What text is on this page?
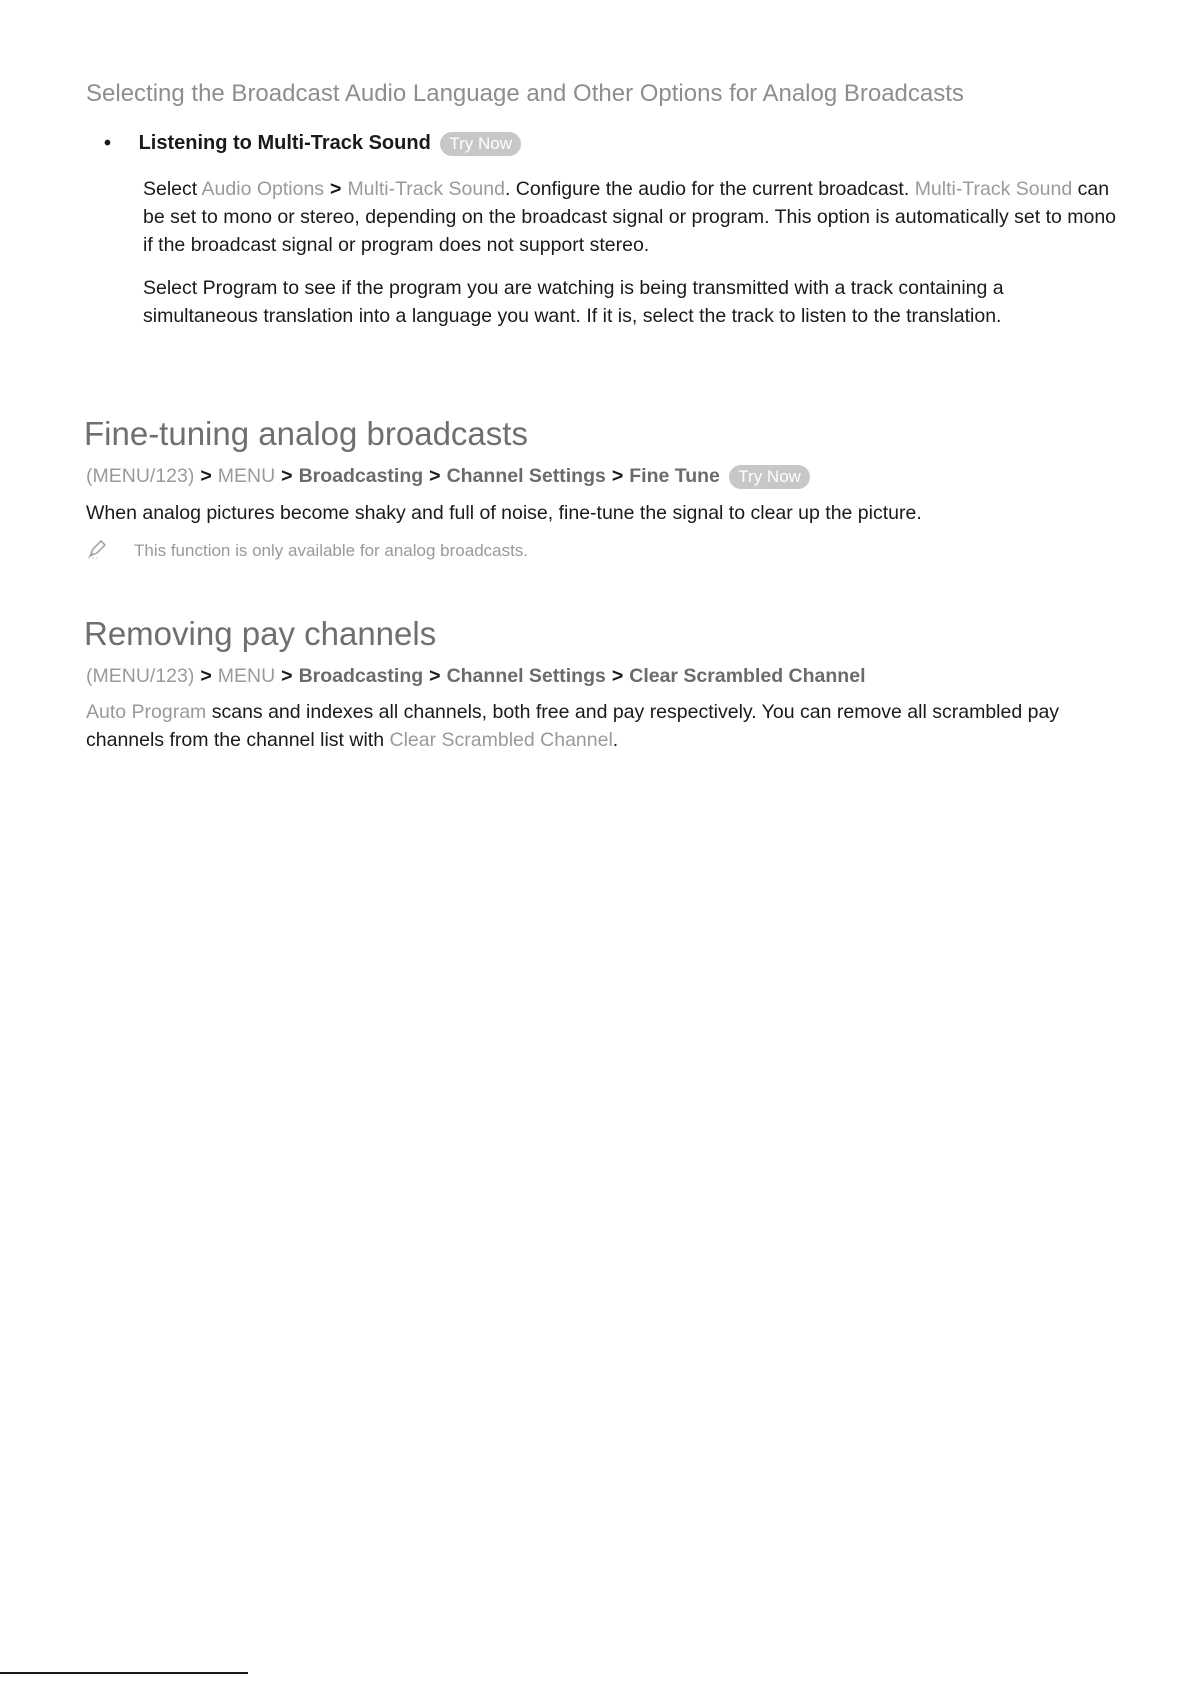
Selecting the Broadcast Audio Language and Other Options for Analog Broadcasts
• Listening to Multi-Track Sound Try Now

Select Audio Options > Multi-Track Sound. Configure the audio for the current broadcast. Multi-Track Sound can be set to mono or stereo, depending on the broadcast signal or program. This option is automatically set to mono if the broadcast signal or program does not support stereo.

Select Program to see if the program you are watching is being transmitted with a track containing a simultaneous translation into a language you want. If it is, select the track to listen to the translation.

Fine-tuning analog broadcasts
(MENU/123) > MENU > Broadcasting > Channel Settings > Fine Tune Try Now

When analog pictures become shaky and full of noise, fine-tune the signal to clear up the picture.

This function is only available for analog broadcasts.
Removing pay channels
(MENU/123) > MENU > Broadcasting > Channel Settings > Clear Scrambled Channel

Auto Program scans and indexes all channels, both free and pay respectively. You can remove all scrambled pay channels from the channel list with Clear Scrambled Channel.
